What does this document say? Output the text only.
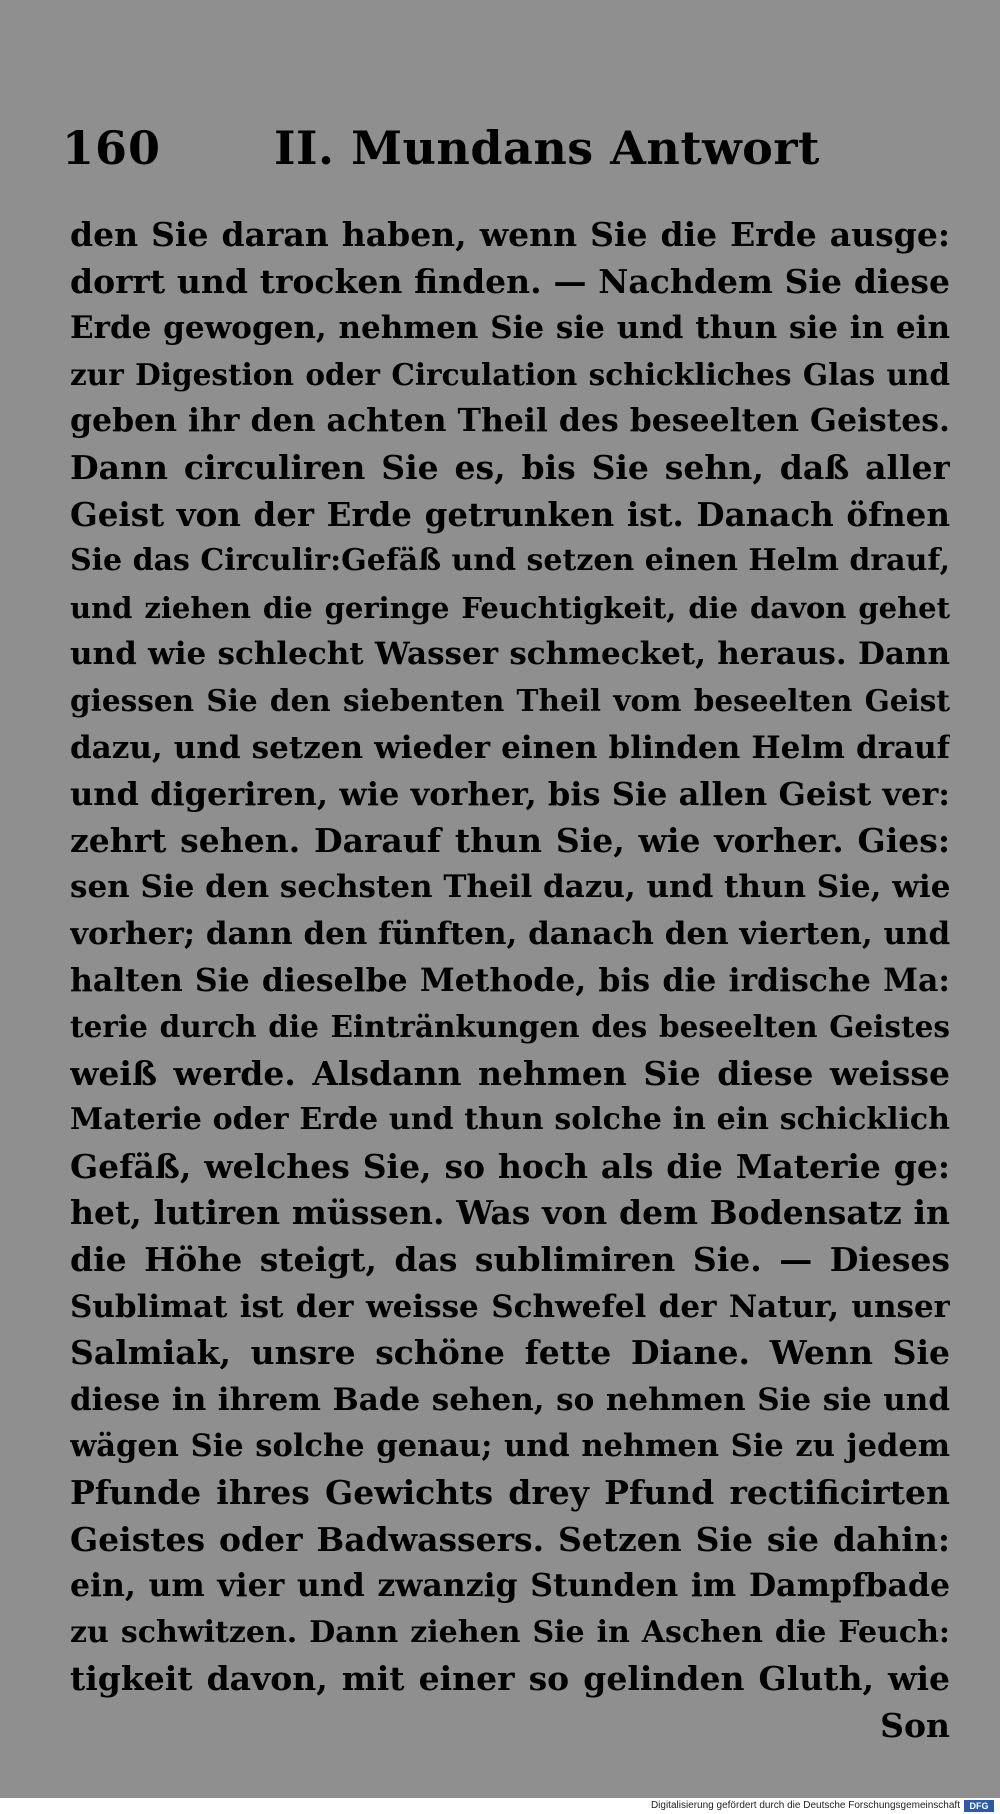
160 II. Mundans Antwort
den Sie daran haben, wenn Sie die Erde ausge:
dorrt und trocken finden. — Nachdem Sie diese
Erde gewogen, nehmen Sie sie und thun sie in ein
zur Digestion oder Circulation schickliches Glas und
geben ihr den achten Theil des beseelten Geistes.
Dann circuliren Sie es, bis Sie sehn, daß aller
Geist von der Erde getrunken ist. Danach öfnen
Sie das Circulir:Gefäß und setzen einen Helm drauf,
und ziehen die geringe Feuchtigkeit, die davon gehet
und wie schlecht Wasser schmecket, heraus. Dann
giessen Sie den siebenten Theil vom beseelten Geist
dazu, und setzen wieder einen blinden Helm drauf
und digeriren, wie vorher, bis Sie allen Geist ver:
zehrt sehen. Darauf thun Sie, wie vorher. Gies:
sen Sie den sechsten Theil dazu, und thun Sie, wie
vorher; dann den fünften, danach den vierten, und
halten Sie dieselbe Methode, bis die irdische Ma:
terie durch die Eintränkungen des beseelten Geistes
weiß werde. Alsdann nehmen Sie diese weisse
Materie oder Erde und thun solche in ein schicklich
Gefäß, welches Sie, so hoch als die Materie ge:
het, lutiren müssen. Was von dem Bodensatz in
die Höhe steigt, das sublimiren Sie. — Dieses
Sublimat ist der weisse Schwefel der Natur, unser
Salmiak, unsre schöne fette Diane. Wenn Sie
diese in ihrem Bade sehen, so nehmen Sie sie und
wägen Sie solche genau; und nehmen Sie zu jedem
Pfunde ihres Gewichts drey Pfund rectificirten
Geistes oder Badwassers. Setzen Sie sie dahin:
ein, um vier und zwanzig Stunden im Dampfbade
zu schwitzen. Dann ziehen Sie in Aschen die Feuch:
tigkeit davon, mit einer so gelinden Gluth, wie
Son
Digitalisierung gefördert durch die Deutsche Forschungsgemeinschaft	DFG
